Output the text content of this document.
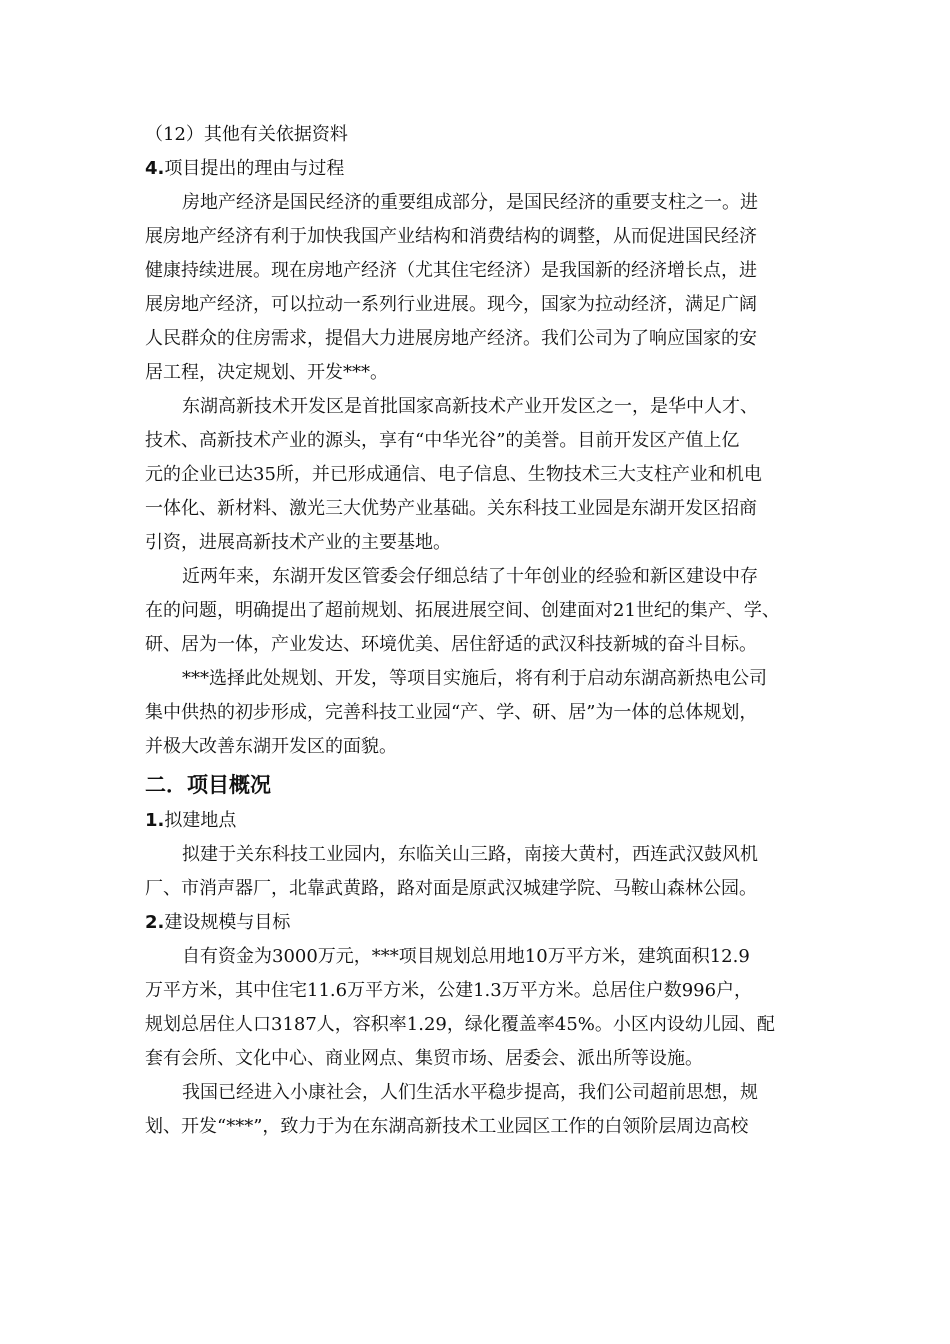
（12）其他有关依据资料
4.项目提出的理由与过程
房地产经济是国民经济的重要组成部分，是国民经济的重要支柱之一。进
展房地产经济有利于加快我国产业结构和消费结构的调整，从而促进国民经济
健康持续进展。现在房地产经济（尤其住宅经济）是我国新的经济增长点，进
展房地产经济，可以拉动一系列行业进展。现今，国家为拉动经济，满足广阔
人民群众的住房需求，提倡大力进展房地产经济。我们公司为了响应国家的安
居工程，决定规划、开发***。
东湖高新技术开发区是首批国家高新技术产业开发区之一，是华中人才、
技术、高新技术产业的源头，享有“中华光谷”的美誉。目前开发区产值上亿
元的企业已达35所，并已形成通信、电子信息、生物技术三大支柱产业和机电
一体化、新材料、激光三大优势产业基础。关东科技工业园是东湖开发区招商
引资，进展高新技术产业的主要基地。
近两年来，东湖开发区管委会仔细总结了十年创业的经验和新区建设中存
在的问题，明确提出了超前规划、拓展进展空间、创建面对21世纪的集产、学、
研、居为一体，产业发达、环境优美、居住舒适的武汉科技新城的奋斗目标。
***选择此处规划、开发，等项目实施后，将有利于启动东湖高新热电公司
集中供热的初步形成，完善科技工业园“产、学、研、居”为一体的总体规划，
并极大改善东湖开发区的面貌。
二．项目概况
1.拟建地点
拟建于关东科技工业园内，东临关山三路，南接大黄村，西连武汉鼓风机
厂、市消声器厂，北靠武黄路，路对面是原武汉城建学院、马鞍山森林公园。
2.建设规模与目标
自有资金为3000万元，***项目规划总用地10万平方米，建筑面积12.9
万平方米，其中住宅11.6万平方米，公建1.3万平方米。总居住户数996户，
规划总居住人口3187人，容积率1.29，绿化覆盖率45%。小区内设幼儿园、配
套有会所、文化中心、商业网点、集贸市场、居委会、派出所等设施。
我国已经进入小康社会，人们生活水平稳步提高，我们公司超前思想，规
划、开发“***”，致力于为在东湖高新技术工业园区工作的白领阶层周边高校
